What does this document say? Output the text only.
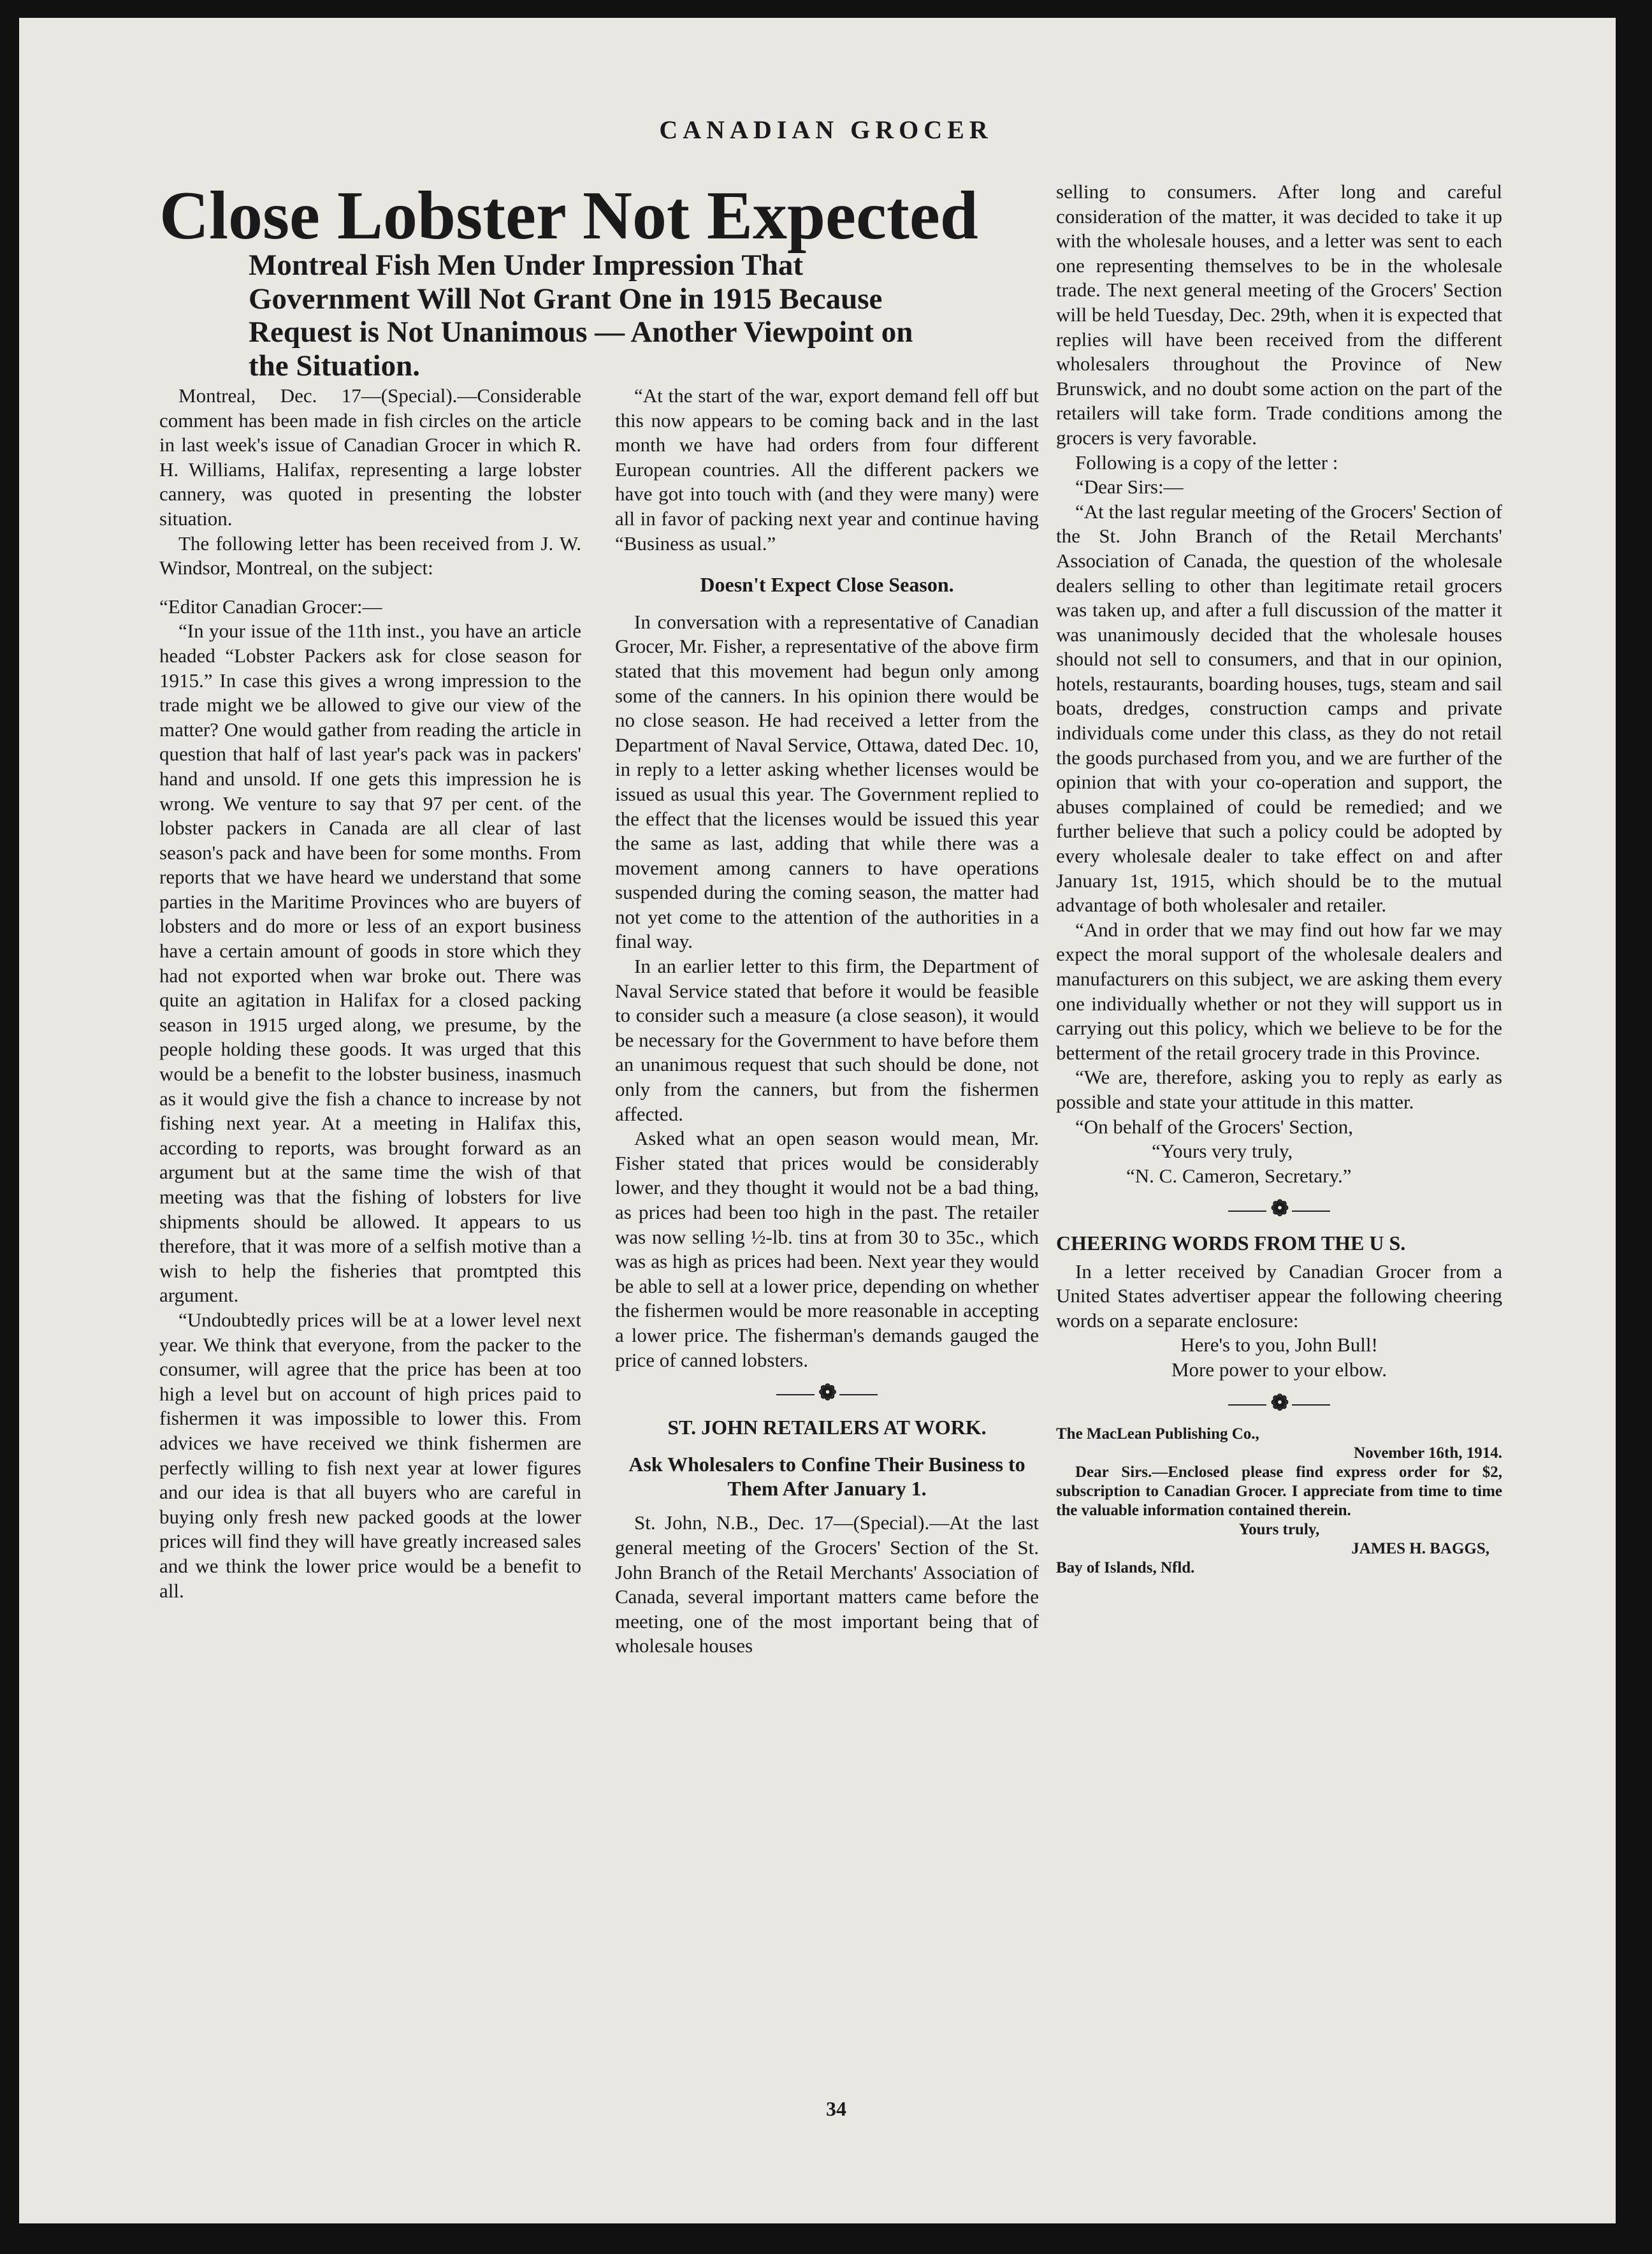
CANADIAN GROCER
Close Lobster Not Expected
Montreal Fish Men Under Impression That Government Will Not Grant One in 1915 Because Request is Not Unanimous — Another Viewpoint on the Situation.

Montreal, Dec. 17—(Special).—Considerable comment has been made in fish circles on the article in last week's issue of Canadian Grocer in which R. H. Williams, Halifax, representing a large lobster cannery, was quoted in presenting the lobster situation.

The following letter has been received from J. W. Windsor, Montreal, on the subject:

“Editor Canadian Grocer:—

“In your issue of the 11th inst., you have an article headed “Lobster Packers ask for close season for 1915.” In case this gives a wrong impression to the trade might we be allowed to give our view of the matter? One would gather from reading the article in question that half of last year's pack was in packers' hand and unsold. If one gets this impression he is wrong. We venture to say that 97 per cent. of the lobster packers in Canada are all clear of last season's pack and have been for some months. From reports that we have heard we understand that some parties in the Maritime Provinces who are buyers of lobsters and do more or less of an export business have a certain amount of goods in store which they had not exported when war broke out. There was quite an agitation in Halifax for a closed packing season in 1915 urged along, we presume, by the people holding these goods. It was urged that this would be a benefit to the lobster business, inasmuch as it would give the fish a chance to increase by not fishing next year. At a meeting in Halifax this, according to reports, was brought forward as an argument but at the same time the wish of that meeting was that the fishing of lobsters for live shipments should be allowed. It appears to us therefore, that it was more of a selfish motive than a wish to help the fisheries that promtpted this argument.

“Undoubtedly prices will be at a lower level next year. We think that everyone, from the packer to the consumer, will agree that the price has been at too high a level but on account of high prices paid to fishermen it was impossible to lower this. From advices we have received we think fishermen are perfectly willing to fish next year at lower figures and our idea is that all buyers who are careful in buying only fresh new packed goods at the lower prices will find they will have greatly increased sales and we think the lower price would be a benefit to all.

“At the start of the war, export demand fell off but this now appears to be coming back and in the last month we have had orders from four different European countries. All the different packers we have got into touch with (and they were many) were all in favor of packing next year and continue having “Business as usual.”

Doesn't Expect Close Season.

In conversation with a representative of Canadian Grocer, Mr. Fisher, a representative of the above firm stated that this movement had begun only among some of the canners. In his opinion there would be no close season. He had received a letter from the Department of Naval Service, Ottawa, dated Dec. 10, in reply to a letter asking whether licenses would be issued as usual this year. The Government replied to the effect that the licenses would be issued this year the same as last, adding that while there was a movement among canners to have operations suspended during the coming season, the matter had not yet come to the attention of the authorities in a final way.

In an earlier letter to this firm, the Department of Naval Service stated that before it would be feasible to consider such a measure (a close season), it would be necessary for the Government to have before them an unanimous request that such should be done, not only from the canners, but from the fishermen affected.

Asked what an open season would mean, Mr. Fisher stated that prices would be considerably lower, and they thought it would not be a bad thing, as prices had been too high in the past. The retailer was now selling ½-lb. tins at from 30 to 35c., which was as high as prices had been. Next year they would be able to sell at a lower price, depending on whether the fishermen would be more reasonable in accepting a lower price. The fisherman's demands gauged the price of canned lobsters.

❁
ST. JOHN RETAILERS AT WORK.
Ask Wholesalers to Confine Their Business to Them After January 1.

St. John, N.B., Dec. 17—(Special).—At the last general meeting of the Grocers' Section of the St. John Branch of the Retail Merchants' Association of Canada, several important matters came before the meeting, one of the most important being that of wholesale houses

selling to consumers. After long and careful consideration of the matter, it was decided to take it up with the wholesale houses, and a letter was sent to each one representing themselves to be in the wholesale trade. The next general meeting of the Grocers' Section will be held Tuesday, Dec. 29th, when it is expected that replies will have been received from the different wholesalers throughout the Province of New Brunswick, and no doubt some action on the part of the retailers will take form. Trade conditions among the grocers is very favorable.

Following is a copy of the letter :

“Dear Sirs:—

“At the last regular meeting of the Grocers' Section of the St. John Branch of the Retail Merchants' Association of Canada, the question of the wholesale dealers selling to other than legitimate retail grocers was taken up, and after a full discussion of the matter it was unanimously decided that the wholesale houses should not sell to consumers, and that in our opinion, hotels, restaurants, boarding houses, tugs, steam and sail boats, dredges, construction camps and private individuals come under this class, as they do not retail the goods purchased from you, and we are further of the opinion that with your co-operation and support, the abuses complained of could be remedied; and we further believe that such a policy could be adopted by every wholesale dealer to take effect on and after January 1st, 1915, which should be to the mutual advantage of both wholesaler and retailer.

“And in order that we may find out how far we may expect the moral support of the wholesale dealers and manufacturers on this subject, we are asking them every one individually whether or not they will support us in carrying out this policy, which we believe to be for the betterment of the retail grocery trade in this Province.

“We are, therefore, asking you to reply as early as possible and state your attitude in this matter.

“On behalf of the Grocers' Section,

“Yours very truly,

“N. C. Cameron, Secretary.”

❁
CHEERING WORDS FROM THE U S.

In a letter received by Canadian Grocer from a United States advertiser appear the following cheering words on a separate enclosure:

Here's to you, John Bull!

More power to your elbow.

❁

The MacLean Publishing Co.,

November 16th, 1914.

Dear Sirs.—Enclosed please find express order for $2, subscription to Canadian Grocer. I appreciate from time to time the valuable information contained therein.

Yours truly,

JAMES H. BAGGS,

Bay of Islands, Nfld.

34
